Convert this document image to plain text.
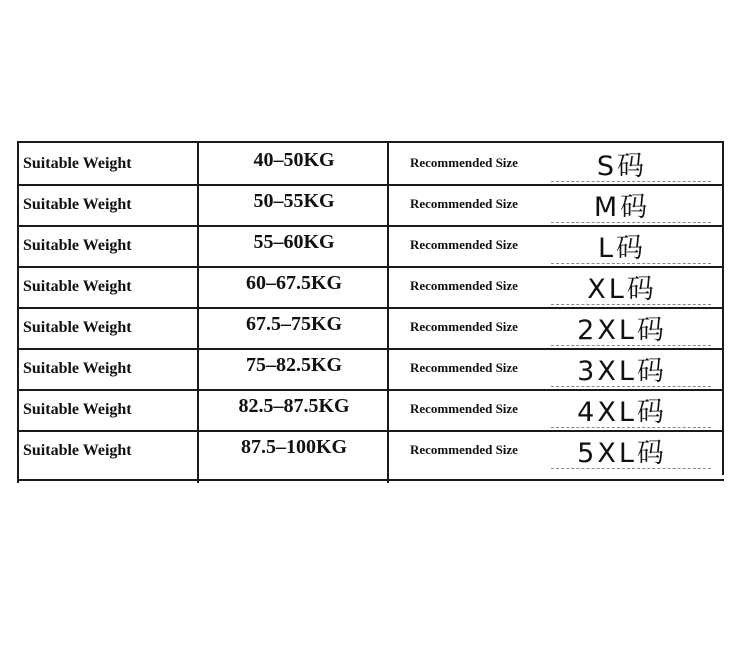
Suitable Weight	40–50KG	Recommended Size	S码
Suitable Weight	50–55KG	Recommended Size	M码
Suitable Weight	55–60KG	Recommended Size	L码
Suitable Weight	60–67.5KG	Recommended Size	XL码
Suitable Weight	67.5–75KG	Recommended Size	2XL码
Suitable Weight	75–82.5KG	Recommended Size	3XL码
Suitable Weight	82.5–87.5KG	Recommended Size	4XL码
Suitable Weight	87.5–100KG	Recommended Size	5XL码
